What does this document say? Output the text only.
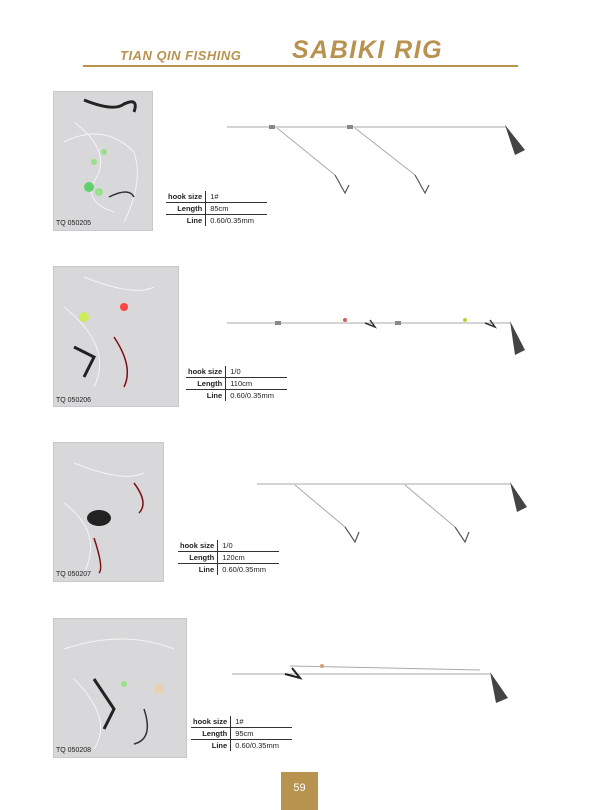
TIAN QIN FISHING SABIKI RIG
TQ 050205
hook size	1#
Length	85cm
Line	0.60/0.35mm
TQ 050206
hook size	1/0
Length	110cm
Line	0.60/0.35mm
TQ 050207
hook size	1/0
Length	120cm
Line	0.60/0.35mm
TQ 050208
hook size	1#
Length	95cm
Line	0.60/0.35mm
59
